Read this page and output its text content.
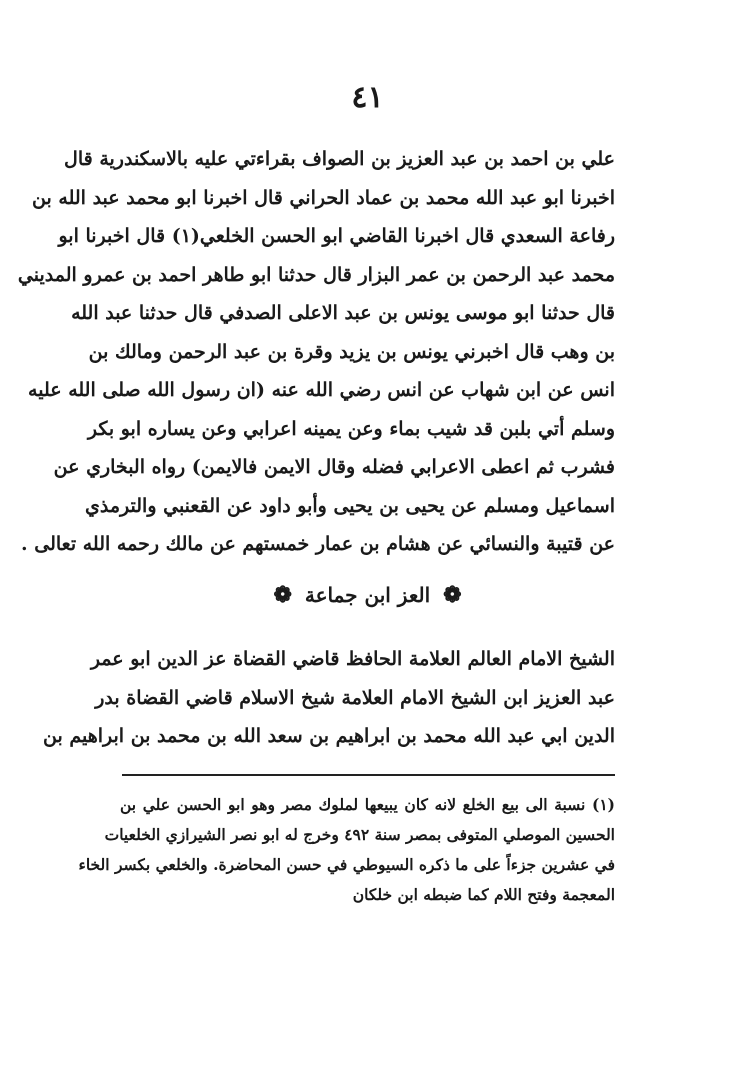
٤١
علي بن احمد بن عبد العزيز بن الصواف بقراءتي عليه بالاسكندرية قال
اخبرنا ابو عبد الله محمد بن عماد الحراني قال اخبرنا ابو محمد عبد الله بن
رفاعة السعدي قال اخبرنا القاضي ابو الحسن الخلعي(١) قال اخبرنا ابو
محمد عبد الرحمن بن عمر البزار قال حدثنا ابو طاهر احمد بن عمرو المديني
قال حدثنا ابو موسى يونس بن عبد الاعلى الصدفي قال حدثنا عبد الله
بن وهب قال اخبرني يونس بن يزيد وقرة بن عبد الرحمن ومالك بن
انس عن ابن شهاب عن انس رضي الله عنه (ان رسول الله صلى الله عليه
وسلم أتي بلبن قد شيب بماء وعن يمينه اعرابي وعن يساره ابو بكر
فشرب ثم اعطى الاعرابي فضله وقال الايمن فالايمن) رواه البخاري عن
اسماعيل ومسلم عن يحيى بن يحيى وأبو داود عن القعنبي والترمذي
عن قتيبة والنسائي عن هشام بن عمار خمستهم عن مالك رحمه الله تعالى .
❁ العز ابن جماعة ❁
الشيخ الامام العالم العلامة الحافظ قاضي القضاة عز الدين ابو عمر
عبد العزيز ابن الشيخ الامام العلامة شيخ الاسلام قاضي القضاة بدر
الدين ابي عبد الله محمد بن ابراهيم بن سعد الله بن محمد بن ابراهيم بن
(١) نسبة الى بيع الخلع لانه كان يبيعها لملوك مصر وهو ابو الحسن علي بن
الحسين الموصلي المتوفى بمصر سنة ٤٩٢ وخرج له ابو نصر الشيرازي الخلعيات
في عشرين جزءاً على ما ذكره السيوطي في حسن المحاضرة. والخلعي بكسر الخاء
المعجمة وفتح اللام كما ضبطه ابن خلكان
